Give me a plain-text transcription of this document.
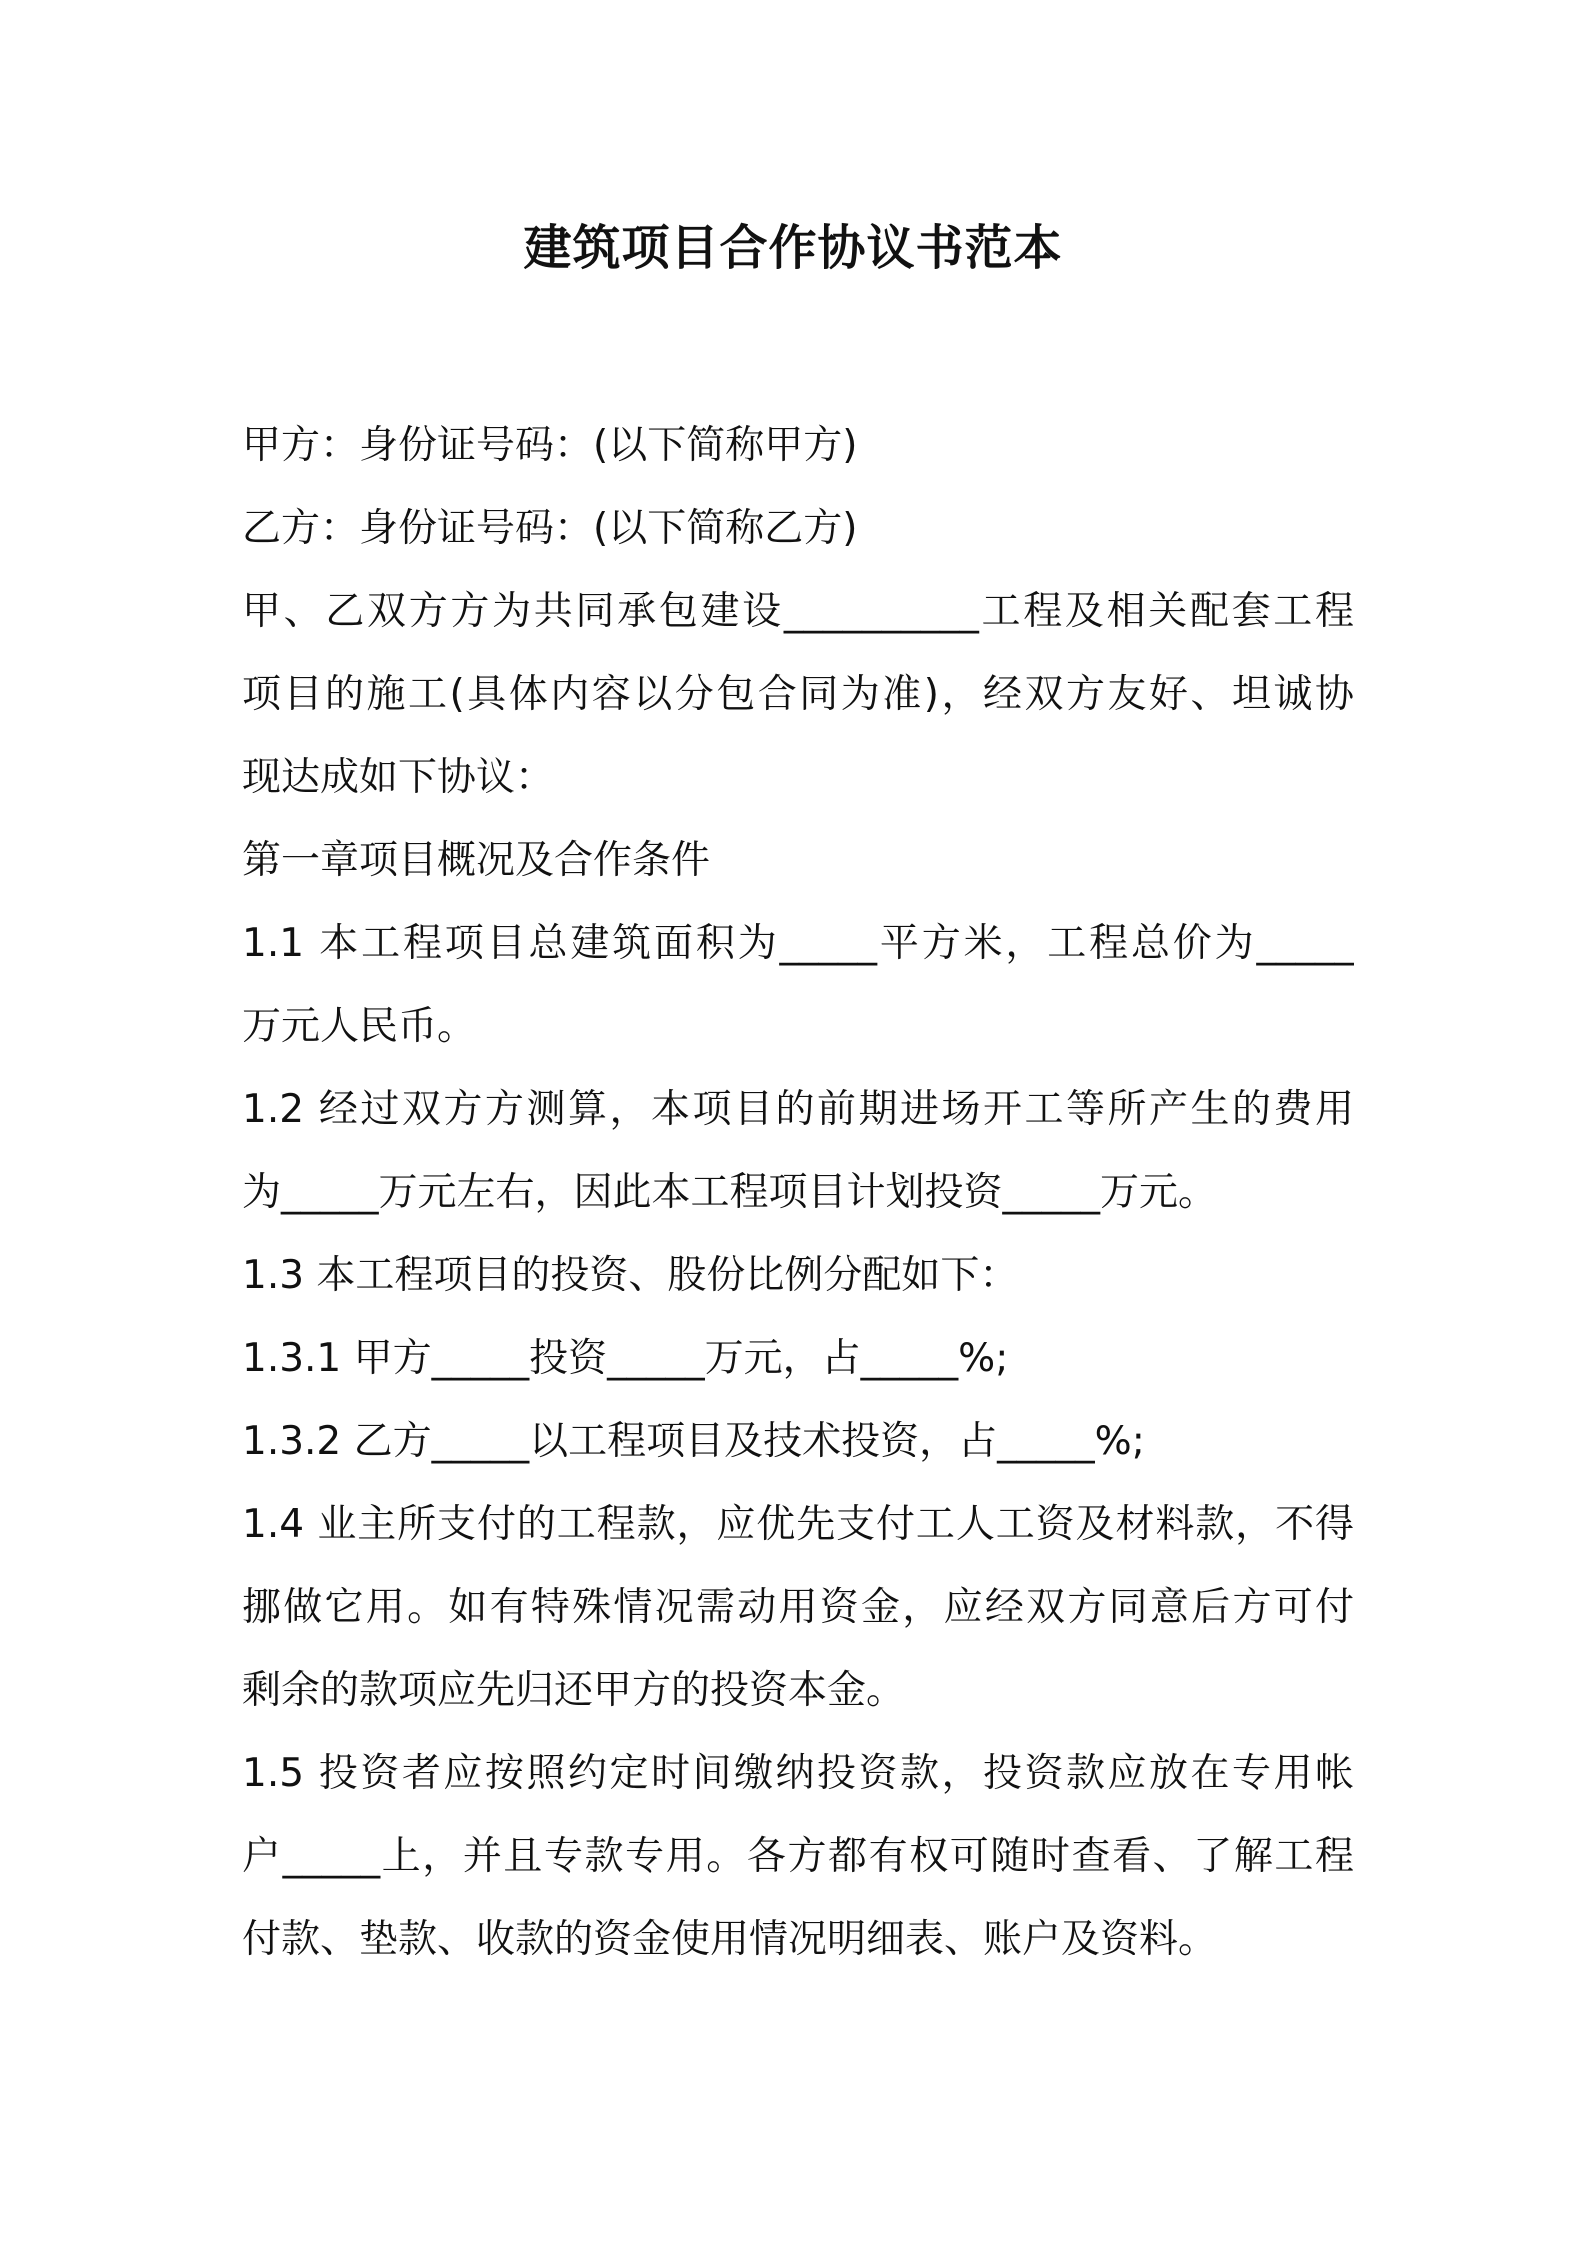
建筑项目合作协议书范本
甲方：身份证号码：(以下简称甲方)
乙方：身份证号码：(以下简称乙方)
甲、乙双方方为共同承包建设__________工程及相关配套工程
项目的施工(具体内容以分包合同为准)，经双方友好、坦诚协
现达成如下协议：
第一章项目概况及合作条件
1.1 本工程项目总建筑面积为_____平方米，工程总价为_____
万元人民币。
1.2 经过双方方测算，本项目的前期进场开工等所产生的费用
为_____万元左右，因此本工程项目计划投资_____万元。
1.3 本工程项目的投资、股份比例分配如下：
1.3.1 甲方_____投资_____万元，占_____%;
1.3.2 乙方_____以工程项目及技术投资，占_____%;
1.4 业主所支付的工程款，应优先支付工人工资及材料款，不得
挪做它用。如有特殊情况需动用资金，应经双方同意后方可付
剩余的款项应先归还甲方的投资本金。
1.5 投资者应按照约定时间缴纳投资款，投资款应放在专用帐
户_____上，并且专款专用。各方都有权可随时查看、了解工程
付款、垫款、收款的资金使用情况明细表、账户及资料。
